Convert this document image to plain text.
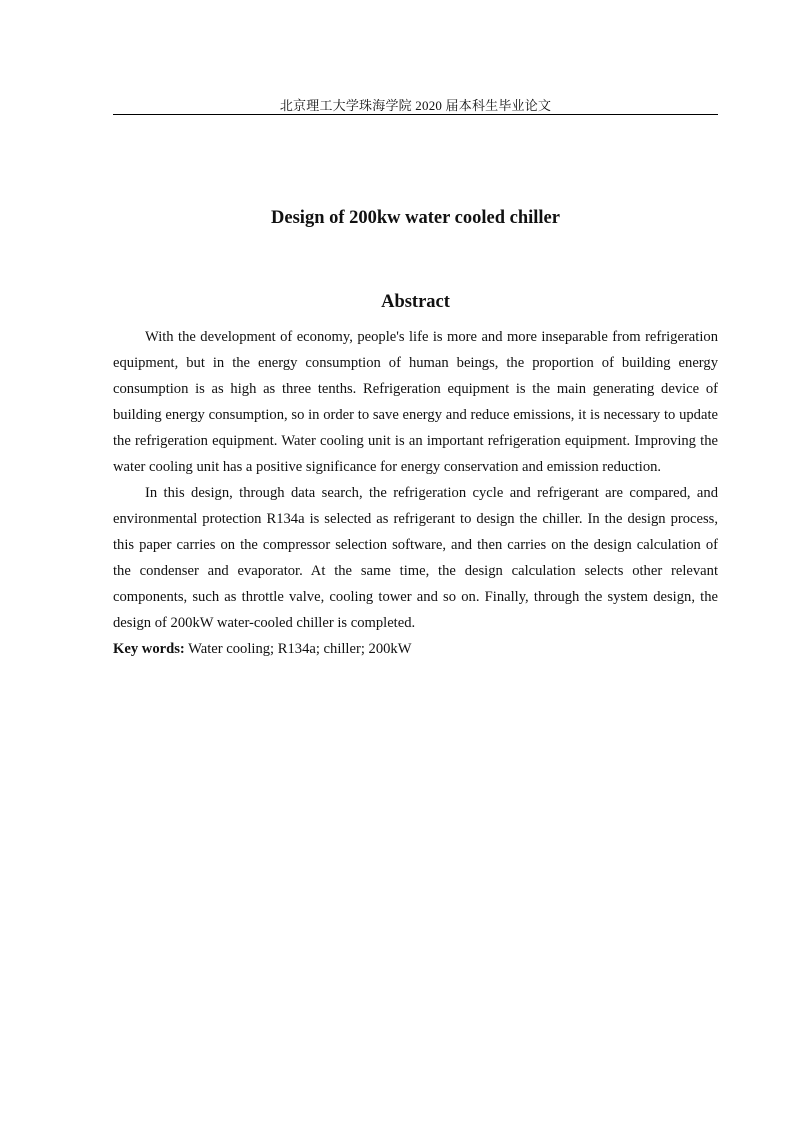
北京理工大学珠海学院 2020 届本科生毕业论文
Design of 200kw water cooled chiller
Abstract

With the development of economy, people's life is more and more inseparable from refrigeration equipment, but in the energy consumption of human beings, the proportion of building energy consumption is as high as three tenths. Refrigeration equipment is the main generating device of building energy consumption, so in order to save energy and reduce emissions, it is necessary to update the refrigeration equipment. Water cooling unit is an important refrigeration equipment. Improving the water cooling unit has a positive significance for energy conservation and emission reduction.

In this design, through data search, the refrigeration cycle and refrigerant are compared, and environmental protection R134a is selected as refrigerant to design the chiller. In the design process, this paper carries on the compressor selection software, and then carries on the design calculation of the condenser and evaporator. At the same time, the design calculation selects other relevant components, such as throttle valve, cooling tower and so on. Finally, through the system design, the design of 200kW water-cooled chiller is completed.

Key words: Water cooling; R134a; chiller; 200kW
